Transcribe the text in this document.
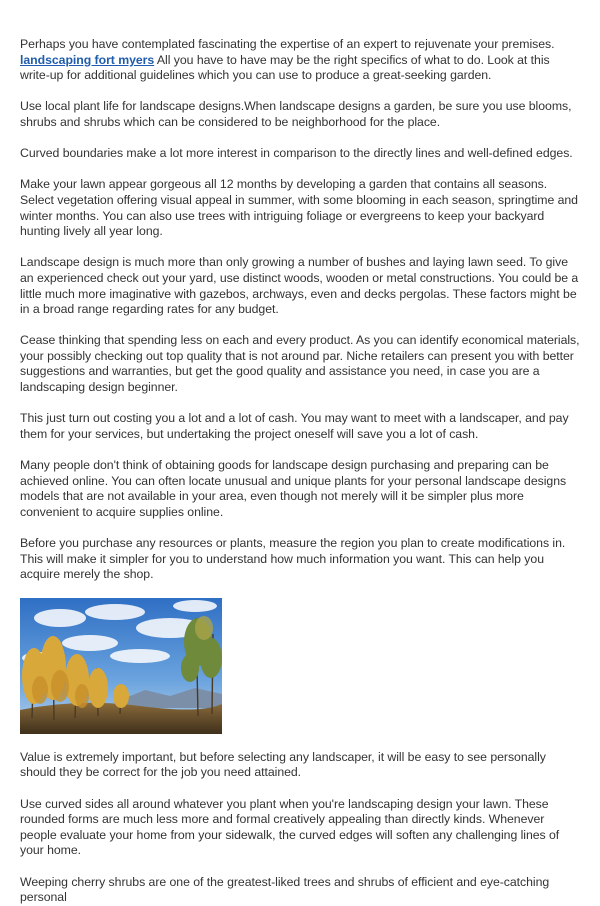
Perhaps you have contemplated fascinating the expertise of an expert to rejuvenate your premises. landscaping fort myers All you have to have may be the right specifics of what to do. Look at this write-up for additional guidelines which you can use to produce a great-seeking garden.

Use local plant life for landscape designs.When landscape designs a garden, be sure you use blooms, shrubs and shrubs which can be considered to be neighborhood for the place.

Curved boundaries make a lot more interest in comparison to the directly lines and well-defined edges.

Make your lawn appear gorgeous all 12 months by developing a garden that contains all seasons. Select vegetation offering visual appeal in summer, with some blooming in each season, springtime and winter months. You can also use trees with intriguing foliage or evergreens to keep your backyard hunting lively all year long.

Landscape design is much more than only growing a number of bushes and laying lawn seed. To give an experienced check out your yard, use distinct woods, wooden or metal constructions. You could be a little much more imaginative with gazebos, archways, even and decks pergolas. These factors might be in a broad range regarding rates for any budget.

Cease thinking that spending less on each and every product. As you can identify economical materials, your possibly checking out top quality that is not around par. Niche retailers can present you with better suggestions and warranties, but get the good quality and assistance you need, in case you are a landscaping design beginner.

This just turn out costing you a lot and a lot of cash. You may want to meet with a landscaper, and pay them for your services, but undertaking the project oneself will save you a lot of cash.

Many people don't think of obtaining goods for landscape design purchasing and preparing can be achieved online. You can often locate unusual and unique plants for your personal landscape designs models that are not available in your area, even though not merely will it be simpler plus more convenient to acquire supplies online.

Before you purchase any resources or plants, measure the region you plan to create modifications in. This will make it simpler for you to understand how much information you want. This can help you acquire merely the shop.

Value is extremely important, but before selecting any landscaper, it will be easy to see personally should they be correct for the job you need attained.

Use curved sides all around whatever you plant when you're landscaping design your lawn. These rounded forms are much less more and formal creatively appealing than directly kinds. Whenever people evaluate your home from your sidewalk, the curved edges will soften any challenging lines of your home.

Weeping cherry shrubs are one of the greatest-liked trees and shrubs of efficient and eye-catching personal
